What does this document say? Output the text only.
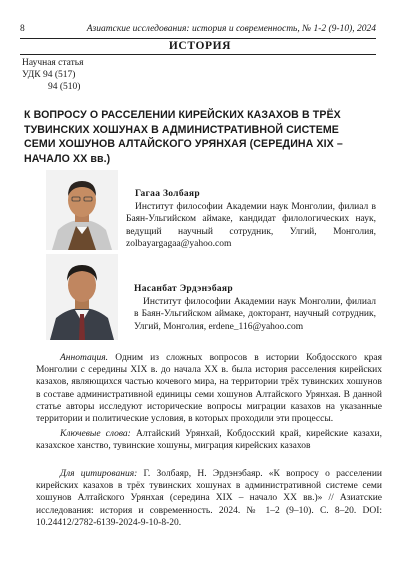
8	Азиатские исследования: история и современность, № 1-2 (9-10), 2024
ИСТОРИЯ
Научная статья
УДК 94 (517)
94 (510)
К ВОПРОСУ О РАССЕЛЕНИИ КИРЕЙСКИХ КАЗАХОВ В ТРЁХ ТУВИНСКИХ ХОШУНАХ В АДМИНИСТРАТИВНОЙ СИСТЕМЕ СЕМИ ХОШУНОВ АЛТАЙСКОГО УРЯНХАЯ (СЕРЕДИНА XIX – НАЧАЛО XX вв.)
Гагаа Золбаяр
Институт философии Академии наук Монголии, филиал в Баян-Ульгийском аймаке, кандидат филологических наук, ведущий научный сотрудник, Улгий, Монголия, zolbayargagaa@yahoo.com
Насанбат Эрдэнэбаяр
Институт философии Академии наук Монголии, филиал в Баян-Ульгийском аймаке, докторант, научный сотрудник, Улгий, Монголия, erdene_116@yahoo.com
Аннотация. Одним из сложных вопросов в истории Кобдосского края Монголии с середины XIX в. до начала XX в. была история расселения кирейских казахов, являющихся частью кочевого мира, на территории трёх тувинских хошунов в составе административной единицы семи хошунов Алтайского Урянхая. В данной статье авторы исследуют исторические вопросы миграции казахов на указанные территории и политические условия, в которых проходили эти процессы.
Ключевые слова: Алтайский Урянхай, Кобдосский край, кирейские казахи, казахское ханство, тувинские хошуны, миграция кирейских казахов
Для цитирования: Г. Золбаяр, Н. Эрдэнэбаяр. «К вопросу о расселении кирейских казахов в трёх тувинских хошунах в административной системе семи хошунов Алтайского Урянхая (середина XIX – начало XX вв.)» // Азиатские исследования: история и современность. 2024. № 1–2 (9–10). С. 8–20. DOI: 10.24412/2782-6139-2024-9-10-8-20.
